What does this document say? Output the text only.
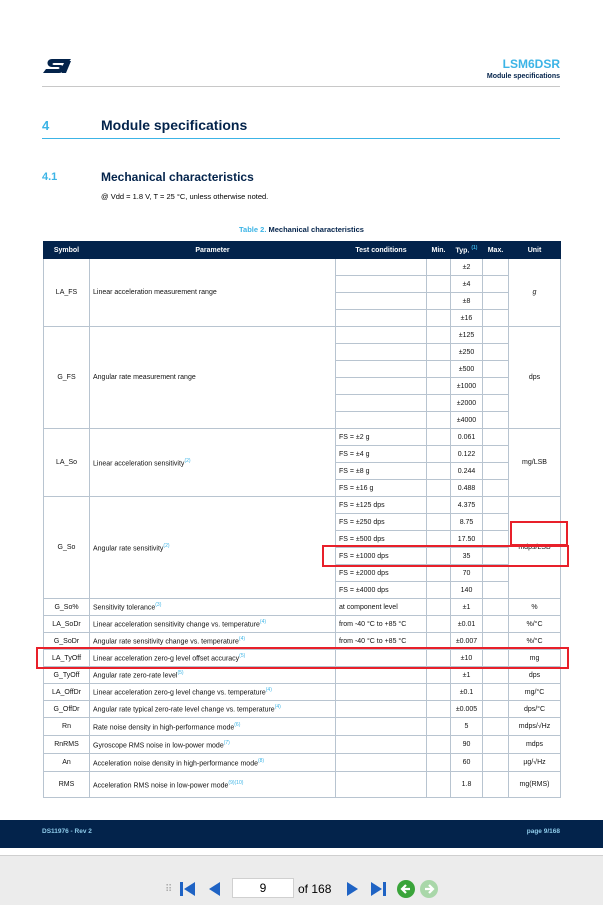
LSM6DSR
Module specifications
4	Module specifications
4.1	Mechanical characteristics
@ Vdd = 1.8 V, T = 25 °C, unless otherwise noted.
Table 2. Mechanical characteristics
Symbol	Parameter	Test conditions	Min.	Typ. $^{(1)}$	Max.	Unit
LA_FS	Linear acceleration measurement range			±2		g
				±4		
				±8		
				±16		
G_FS	Angular rate measurement range			±125		dps
				±250		
				±500		
				±1000		
				±2000		
				±4000		
LA_So	Linear acceleration sensitivity$^{(2)}$	FS = ±2 g		0.061		mg/LSB
		FS = ±4 g		0.122		
		FS = ±8 g		0.244		
		FS = ±16 g		0.488		
G_So	Angular rate sensitivity$^{(2)}$	FS = ±125 dps		4.375		mdps/LSB
		FS = ±250 dps		8.75		
		FS = ±500 dps		17.50		
		FS = ±1000 dps		35		
		FS = ±2000 dps		70		
		FS = ±4000 dps		140		
G_So%	Sensitivity tolerance$^{(3)}$	at component level		±1		%
LA_SoDr	Linear acceleration sensitivity change vs. temperature$^{(4)}$	from -40 °C to +85 °C		±0.01		%/°C
G_SoDr	Angular rate sensitivity change vs. temperature$^{(4)}$	from -40 °C to +85 °C		±0.007		%/°C
LA_TyOff	Linear acceleration zero-g level offset accuracy$^{(5)}$			±10		mg
G_TyOff	Angular rate zero-rate level$^{(5)}$			±1		dps
LA_OffDr	Linear acceleration zero-g level change vs. temperature$^{(4)}$			±0.1		mg/°C
G_OffDr	Angular rate typical zero-rate level change vs. temperature$^{(4)}$			±0.005		dps/°C
Rn	Rate noise density in high-performance mode$^{(6)}$			5		mdps/√Hz
RnRMS	Gyroscope RMS noise in low-power mode$^{(7)}$			90		mdps
An	Acceleration noise density in high-performance mode$^{(8)}$			60		µg/√Hz
RMS	Acceleration RMS noise in low-power mode$^{(9)(10)}$			1.8		mg(RMS)
DS11976 - Rev 2	page 9/168
⠿	9	of 168
